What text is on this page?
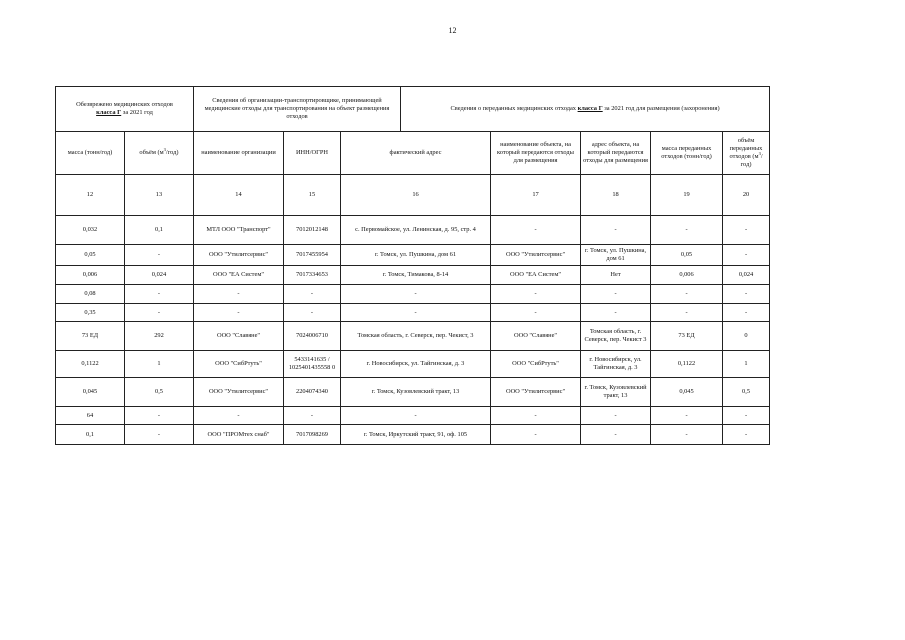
12
Обезврежено медицинских отходов
класса Г за 2021 год		Сведения об организации-транспортировщике, принимающей медицинские отходы для транспортирования на объект размещения отходов			Сведения о переданных медицинских отходах класса Г за 2021 год для размещения (захоронения)				
масса (тонн/год)	объём $(м^3/год)$	наименование организации	ИНН/ОГРН	фактический адрес		наименование объекта, на который передаются отходы для размещения	адрес объекта, на который передаются отходы для размещения	масса переданных отходов (тонн/год)	объём переданных отходов $(м^3/год)$
12	13	14	15	16		17	18	19	20
0,032	0,1	МТЛ ООО "Транспорт"	7012012148	с. Первомайское, ул. Ленинская, д. 95, стр. 4		-	-	-	-
0,05	-	ООО "Утилитсервис"	7017455954	г. Томск, ул. Пушкина, дом 61		ООО "Утилитсервис"	г. Томск, ул. Пушкина, дом 61	0,05	-
0,006	0,024	ООО "ЕА Систем"	7017334653	г. Томск, Тимакова, 8-14		ООО "ЕА Систем"	Нет	0,006	0,024
0,08	-	-	-	-		-	-	-	-
0,35	-	-	-	-		-	-	-	-
73 ЕД	292	ООО "Славяне"	7024006710	Томская область, г. Северск, пер. Чекист, 3		ООО "Славяне"	Томская область, г. Северск, пер. Чекист 3	73 ЕД	0
0,1122	1	ООО "СибРтуть"	5433141635 / 1025401435558 0	г. Новосибирск, ул. Тайгинская, д. 3		ООО "СибРтуть"	г. Новосибирск, ул. Тайгинская, д. 3	0,1122	1
0,045	0,5	ООО "Утилитсервис"	2204074340	г. Томск, Кузовлевский тракт, 13		ООО "Утилитсервис"	г. Томск, Кузовлевский тракт, 13	0,045	0,5
64	-	-	-	-		-	-	-	-
0,1	-	ООО "ПРОМтех снаб"	7017098269	г. Томск, Иркутский тракт, 91, оф. 105		-	-	-	-
